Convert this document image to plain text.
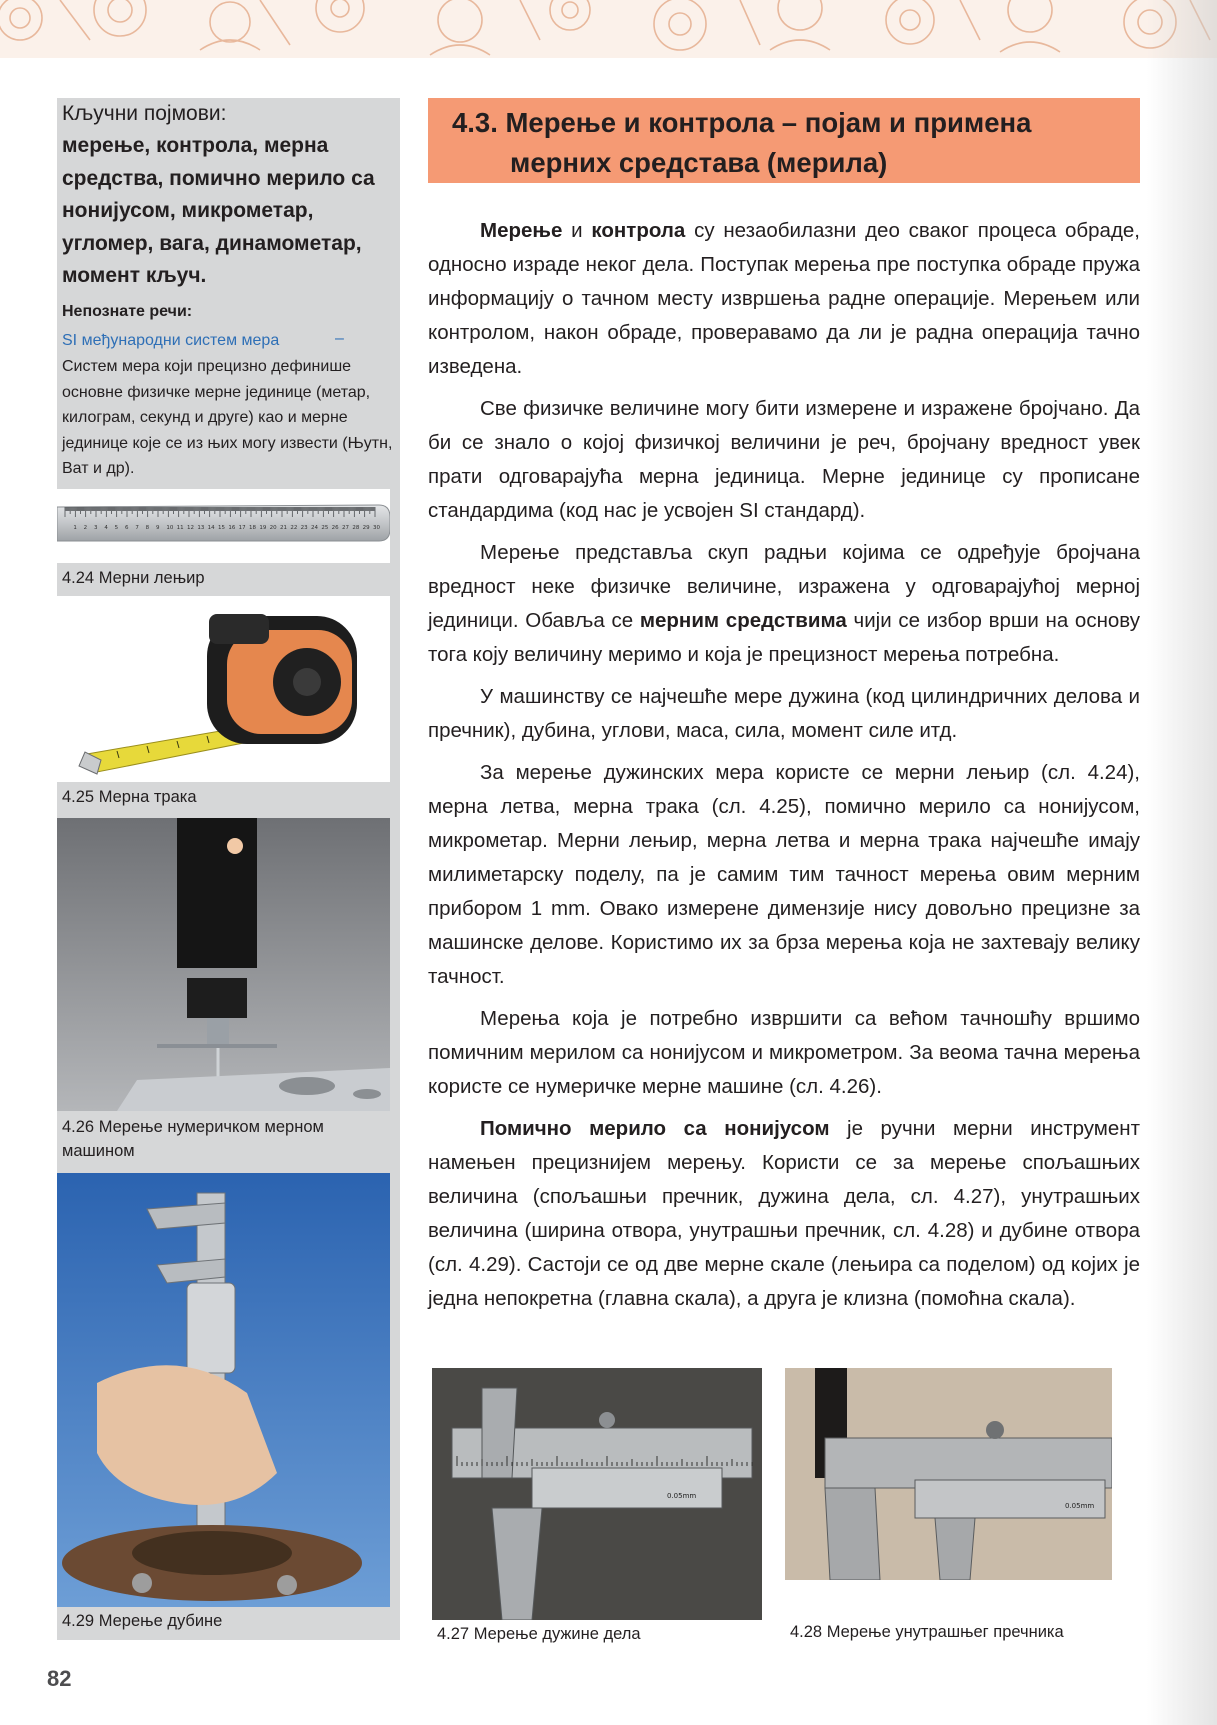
Кључни појмови:
мерење, контрола, мерна средства, помично мерило са нонијусом, микрометар, угломер, вага, динамометар, момент кључ.
Непознате речи:
SI међународни систем мера	–
Систем мера који прецизно дефинише основне физичке мерне јединице (метар, килограм, секунд и друге) као и мерне јединице које се из њих могу извести (Њутн, Ват и др).
1 2 3 4 5 6 7 8 9 10 11 12 13 14 15 16 17 18 19 20 21 22 23 24 25 26 27 28 29 30
4.24 Мерни лењир
4.25 Мерна трака
4.26 Мерење нумеричком мерном машином
4.29 Мерење дубине
4.3. Мерење и контрола – појам и примена
мерних средстава (мерила)

Мерење и контрола су незаобилазни део сваког процеса обраде, односно израде неког дела. Поступак мерења пре поступка обраде пружа информацију о тачном месту извршења радне операције. Мерењем или контролом, након обраде, проверавамо да ли је радна операција тачно изведена.

Све физичке величине могу бити измерене и изражене бројчано. Да би се знало о којој физичкој величини је реч, бројчану вредност увек прати одговарајућа мерна јединица. Мерне јединице су прописане стандардима (код нас је усвојен SI стандард).

Мерење представља скуп радњи којима се одређује бројчана вредност неке физичке величине, изражена у одговарајућој мерној јединици. Обавља се мерним средствима чији се избор врши на основу тога коју величину меримо и која је прецизност мерења потребна.

У машинству се најчешће мере дужина (код цилиндричних делова и пречник), дубина, углови, маса, сила, момент силе итд.

За мерење дужинских мера користе се мерни лењир (сл. 4.24), мерна летва, мерна трака (сл. 4.25), помично мерило са нонијусом, микрометар. Мерни лењир, мерна летва и мерна трака најчешће имају милиметарску поделу, па је самим тим тачност мерења овим мерним прибором 1 mm. Овако измерене димензије нису довољно прецизне за машинске делове. Користимо их за брза мерења која не захтевају велику тачност.

Мерења која је потребно извршити са већом тачношћу вршимо помичним мерилом са нонијусом и микрометром. За веома тачна мерења користе се нумеричке мерне машине (сл. 4.26).

Помично мерило са нонијусом је ручни мерни инструмент намењен прецизнијем мерењу. Користи се за мерење спољашњих величина (спољашњи пречник, дужина дела, сл. 4.27), унутрашњих величина (ширина отвора, унутрашњи пречник, сл. 4.28) и дубине отвора (сл. 4.29). Састоји се од две мерне скале (лењира са поделом) од којих је једна непокретна (главна скала), а друга је клизна (помоћна скала).

0.05mm
4.27 Мерење дужине дела
0.05mm
4.28 Мерење унутрашњег пречника
82
